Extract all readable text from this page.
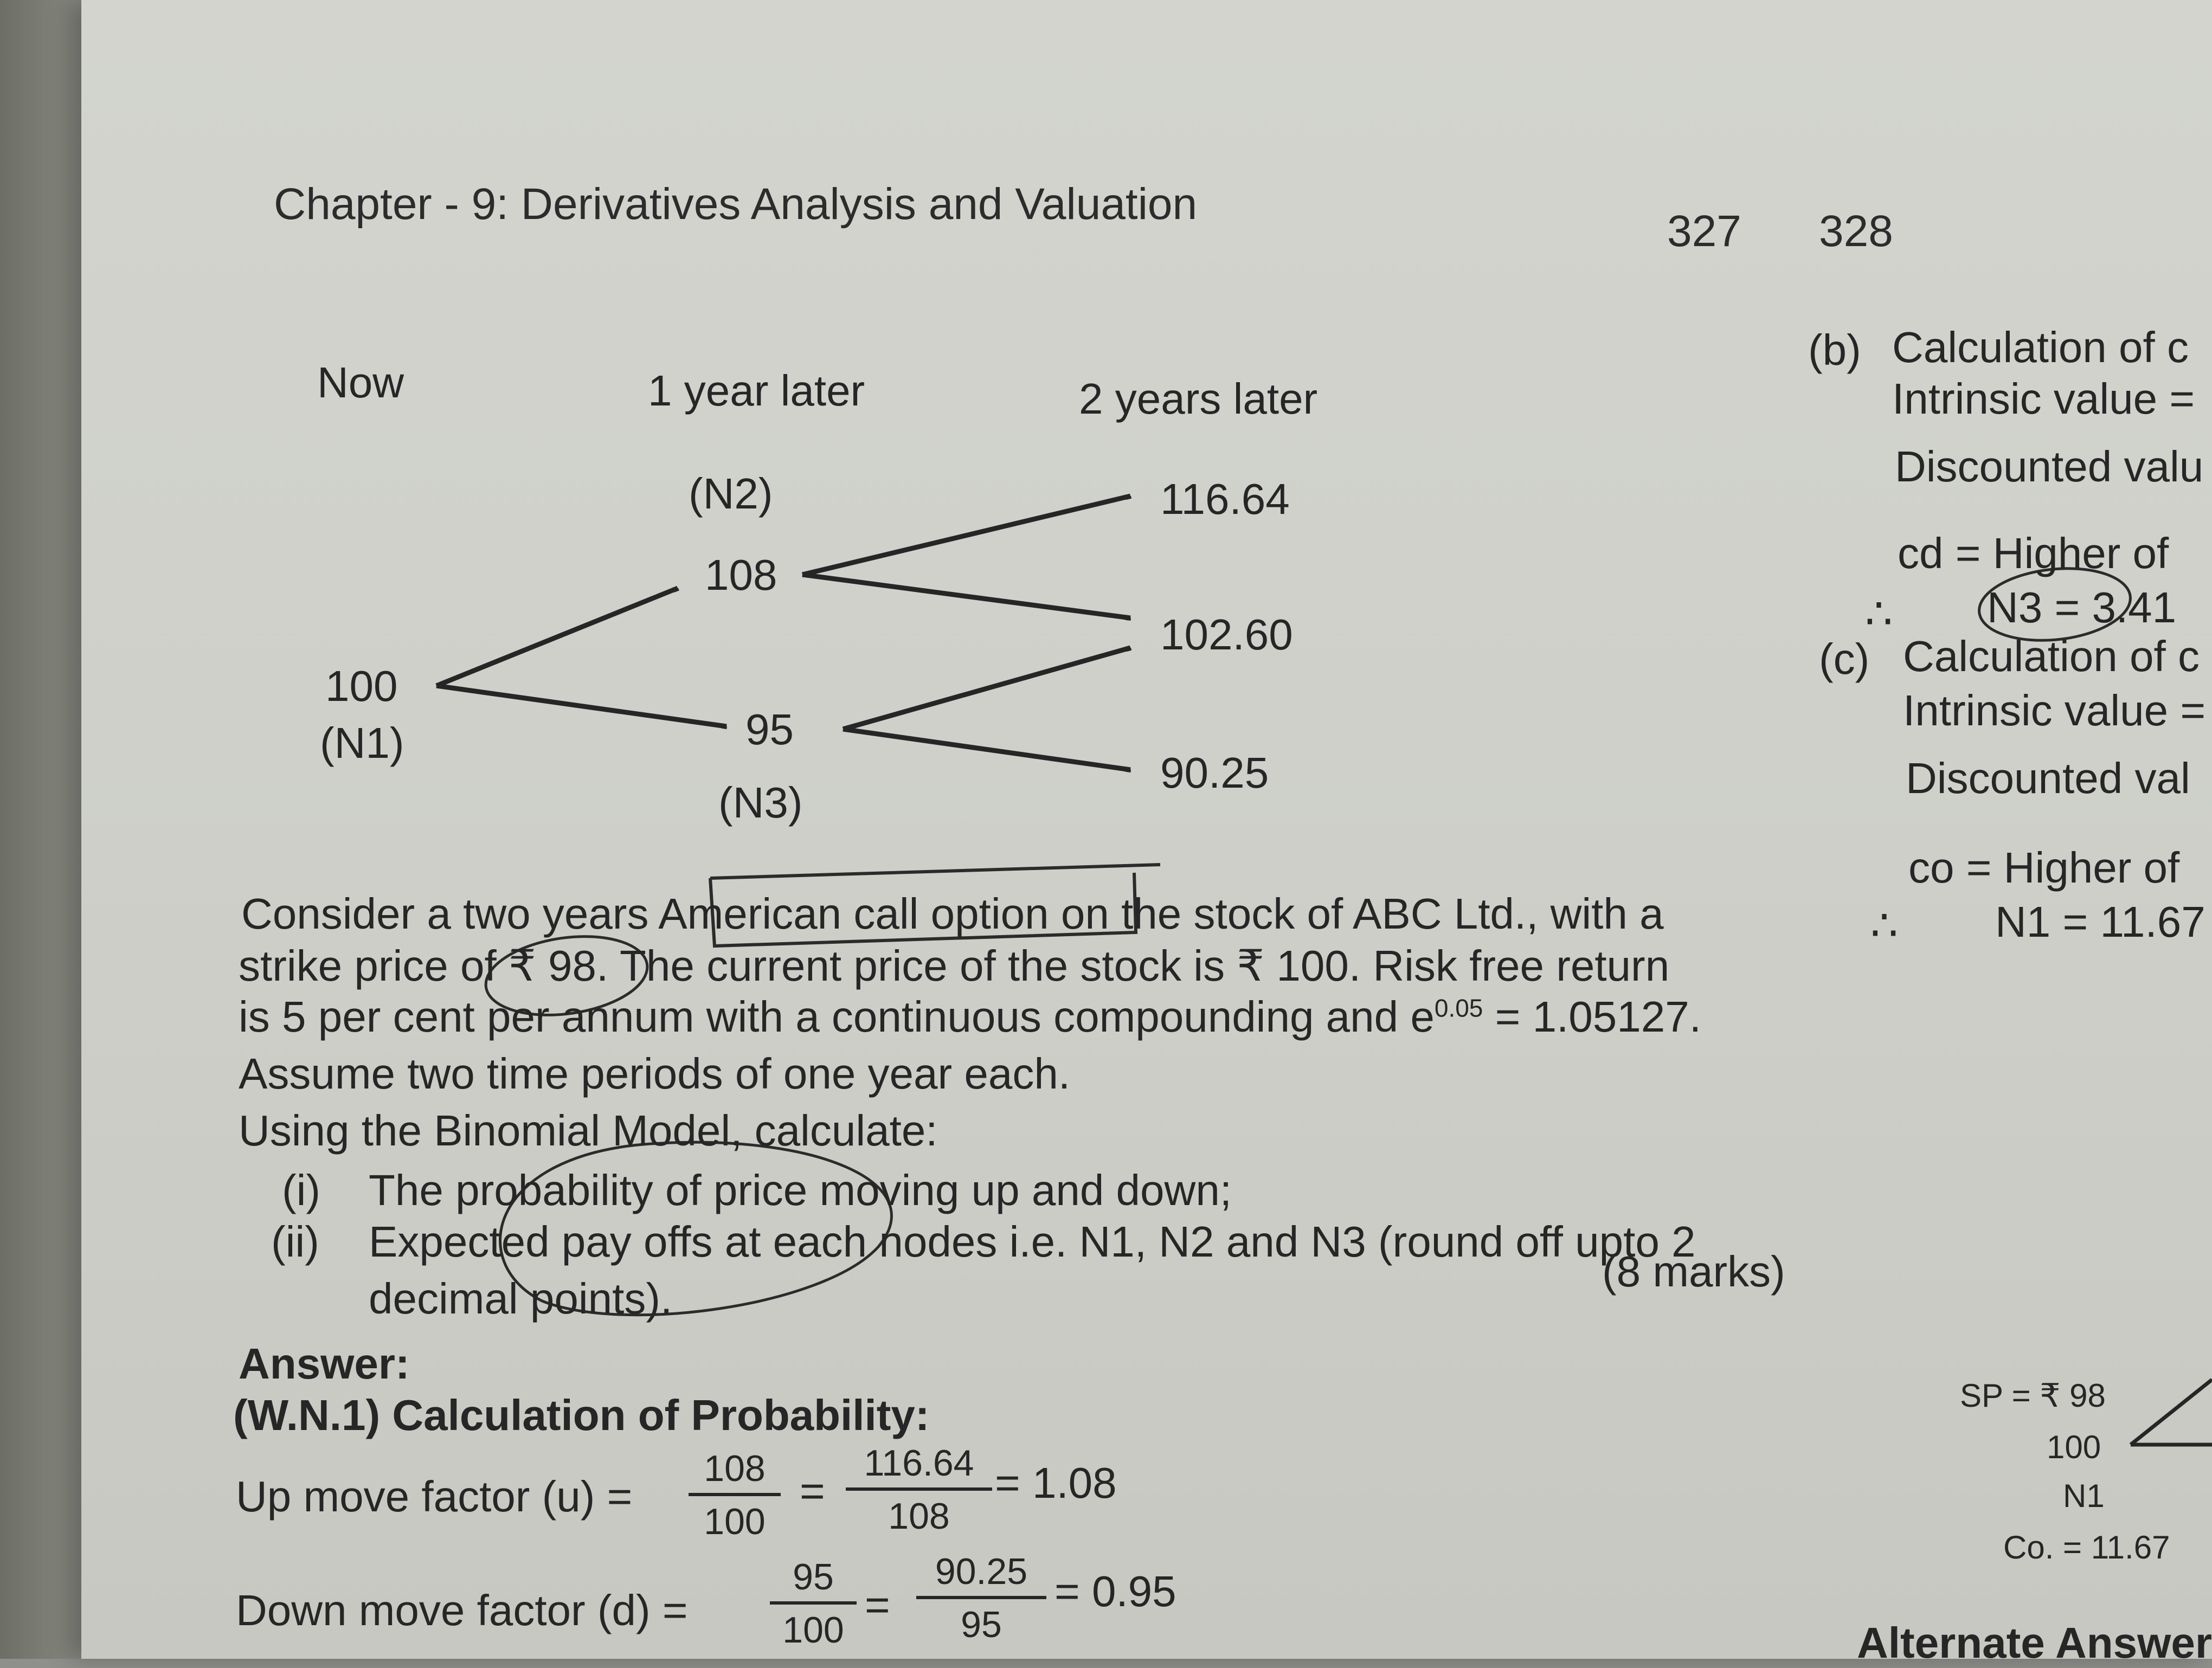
Chapter - 9: Derivatives Analysis and Valuation
327 328
Now	1 year later	2 years later
(N2)
108
100
(N1)	95
(N3)
116.64
102.60
90.25
Consider a two years American call option on the stock of ABC Ltd., with a
strike price of ₹ 98. The current price of the stock is ₹ 100. Risk free return
is 5 per cent per annum with a continuous compounding and $e^{0.05} = 1.05127$.
Assume two time periods of one year each.
Using the Binomial Model, calculate:
(i) The probability of price moving up and down;
(ii) Expected pay offs at each nodes i.e. N1, N2 and N3 (round off upto 2
decimal points).
(8 marks)
Answer:
(W.N.1) Calculation of Probability:
Up move factor $(u) = \frac{108}{100} = \frac{116.64}{108} = 1.08$
Down move factor $(d) = \frac{95}{100} = \frac{90.25}{95} = 0.95$
(b) Calculation of c
Intrinsic value =
Discounted valu
cd = Higher of
∴ N3 = 3.41
(c) Calculation of c
Intrinsic value =
Discounted val
co = Higher of
∴ N1 = 11.67
SP = ₹ 98
100
N1
Co. = 11.67
Alternate Answer
